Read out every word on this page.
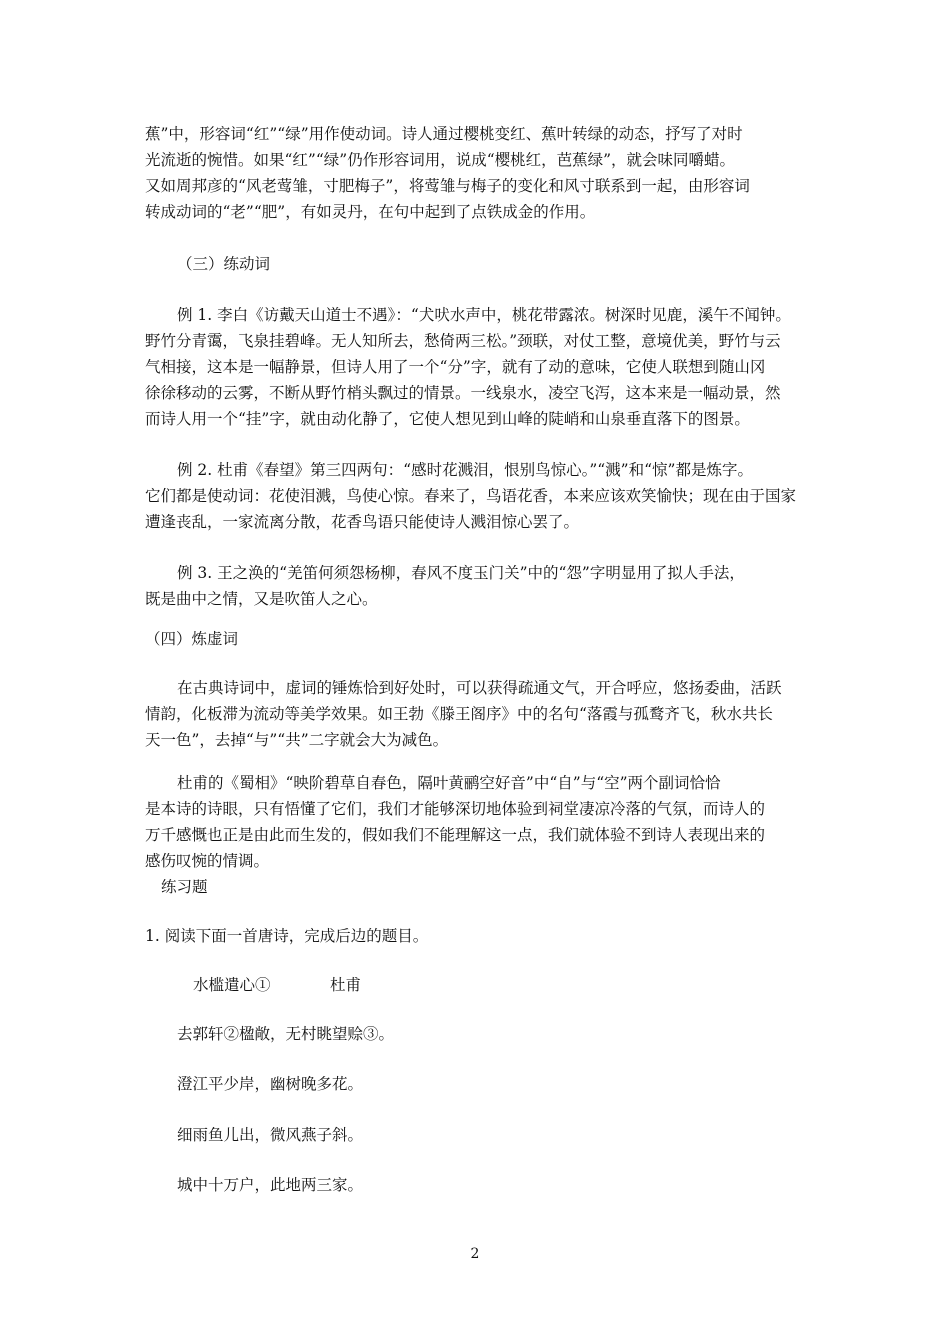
蕉”中，形容词“红”“绿”用作使动词。诗人通过樱桃变红、蕉叶转绿的动态，抒写了对时
光流逝的惋惜。如果“红”“绿”仍作形容词用，说成“樱桃红，芭蕉绿”，就会味同嚼蜡。
又如周邦彦的“风老莺雏，寸肥梅子”，将莺雏与梅子的变化和风寸联系到一起，由形容词
转成动词的“老”“肥”，有如灵丹，在句中起到了点铁成金的作用。
（三）练动词
例 1. 李白《访戴天山道士不遇》：“犬吠水声中，桃花带露浓。树深时见鹿，溪午不闻钟。
野竹分青霭，飞泉挂碧峰。无人知所去，愁倚两三松。”颈联，对仗工整，意境优美，野竹与云
气相接，这本是一幅静景，但诗人用了一个“分”字，就有了动的意味，它使人联想到随山冈
徐徐移动的云雾，不断从野竹梢头飘过的情景。一线泉水，凌空飞泻，这本来是一幅动景，然
而诗人用一个“挂”字，就由动化静了，它使人想见到山峰的陡峭和山泉垂直落下的图景。
例 2. 杜甫《春望》第三四两句：“感时花溅泪，恨别鸟惊心。”“溅”和“惊”都是炼字。
它们都是使动词：花使泪溅，鸟使心惊。春来了，鸟语花香，本来应该欢笑愉快；现在由于国家
遭逢丧乱，一家流离分散，花香鸟语只能使诗人溅泪惊心罢了。
例 3. 王之涣的“羌笛何须怨杨柳，春风不度玉门关”中的“怨”字明显用了拟人手法，
既是曲中之情，又是吹笛人之心。
（四）炼虚词
在古典诗词中，虚词的锤炼恰到好处时，可以获得疏通文气，开合呼应，悠扬委曲，活跃
情韵，化板滞为流动等美学效果。如王勃《滕王阁序》中的名句“落霞与孤鹜齐飞，秋水共长
天一色”，去掉“与”“共”二字就会大为减色。
杜甫的《蜀相》“映阶碧草自春色，隔叶黄鹂空好音”中“自”与“空”两个副词恰恰
是本诗的诗眼，只有悟懂了它们，我们才能够深切地体验到祠堂凄凉冷落的气氛，而诗人的
万千感慨也正是由此而生发的，假如我们不能理解这一点，我们就体验不到诗人表现出来的
感伤叹惋的情调。
练习题
1. 阅读下面一首唐诗，完成后边的题目。
水槛遣心①	杜甫
去郭轩②楹敞，无村眺望赊③。
澄江平少岸，幽树晚多花。
细雨鱼儿出，微风燕子斜。
城中十万户，此地两三家。
2
